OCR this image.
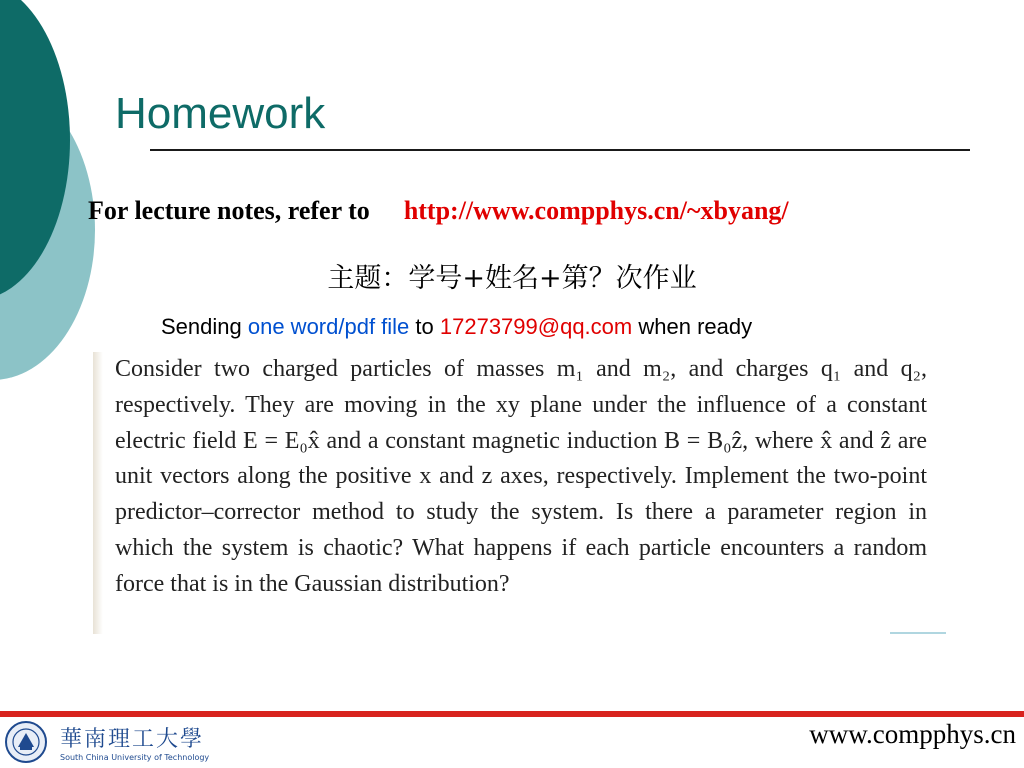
Homework
For lecture notes, refer to http://www.compphys.cn/~xbyang/
主题：学号+姓名+第？次作业
Sending one word/pdf file to 17273799@qq.com when ready

Consider two charged particles of masses m₁ and m₂, and charges q₁ and q₂, respectively. They are moving in the xy plane under the influence of a constant electric field E = E₀x̂ and a constant magnetic induction B = B₀ẑ, where x̂ and ẑ are unit vectors along the positive x and z axes, respectively. Implement the two-point predictor–corrector method to study the system. Is there a parameter region in which the system is chaotic? What happens if each particle encounters a random force that is in the Gaussian distribution?

華南理工大學
South China University of Technology
www.compphys.cn
